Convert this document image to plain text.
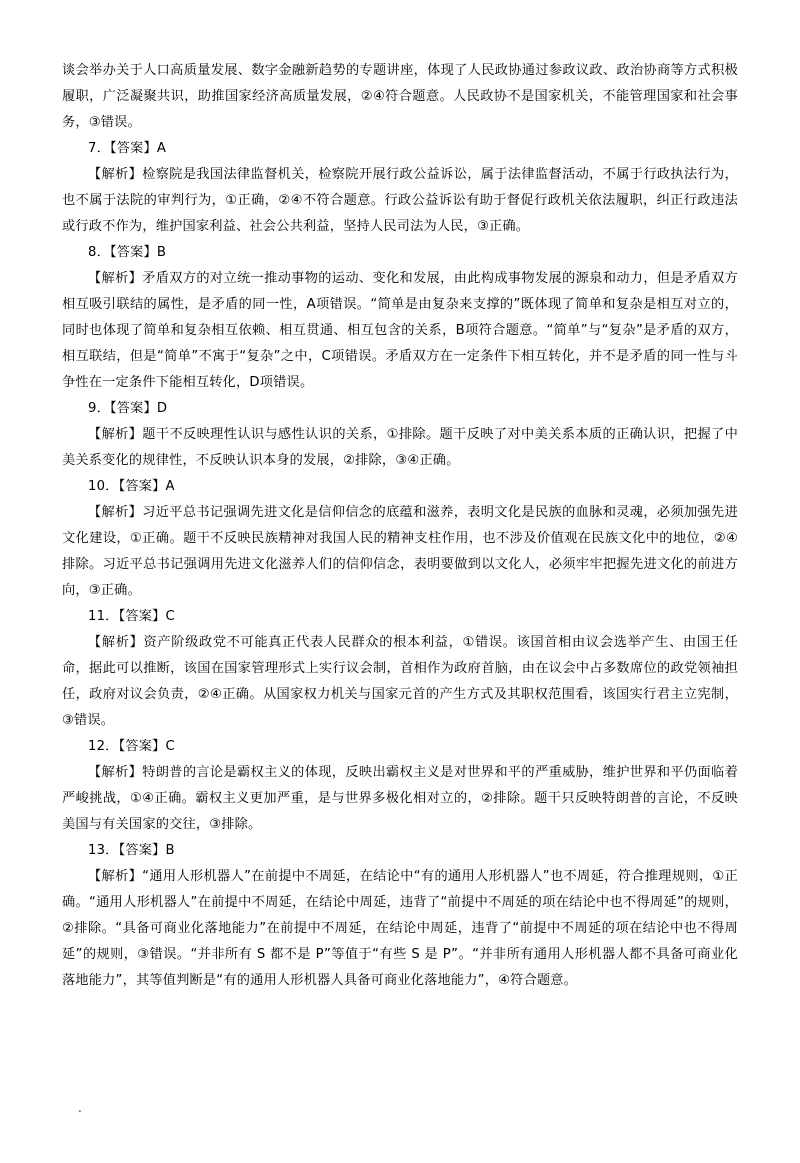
谈会举办关于人口高质量发展、数字金融新趋势的专题讲座，体现了人民政协通过参政议政、政治协商等方式积极履职，广泛凝聚共识，助推国家经济高质量发展，②④符合题意。人民政协不是国家机关，不能管理国家和社会事务，③错误。

7．【答案】A

【解析】检察院是我国法律监督机关，检察院开展行政公益诉讼，属于法律监督活动，不属于行政执法行为，也不属于法院的审判行为，①正确，②④不符合题意。行政公益诉讼有助于督促行政机关依法履职，纠正行政违法或行政不作为，维护国家利益、社会公共利益，坚持人民司法为人民，③正确。

8．【答案】B

【解析】矛盾双方的对立统一推动事物的运动、变化和发展，由此构成事物发展的源泉和动力，但是矛盾双方相互吸引联结的属性，是矛盾的同一性，A项错误。“简单是由复杂来支撑的”既体现了简单和复杂是相互对立的，同时也体现了简单和复杂相互依赖、相互贯通、相互包含的关系，B项符合题意。“简单”与“复杂”是矛盾的双方，相互联结，但是“简单”不寓于“复杂”之中，C项错误。矛盾双方在一定条件下相互转化，并不是矛盾的同一性与斗争性在一定条件下能相互转化，D项错误。

9．【答案】D

【解析】题干不反映理性认识与感性认识的关系，①排除。题干反映了对中美关系本质的正确认识，把握了中美关系变化的规律性，不反映认识本身的发展，②排除，③④正确。

10．【答案】A

【解析】习近平总书记强调先进文化是信仰信念的底蕴和滋养，表明文化是民族的血脉和灵魂，必须加强先进文化建设，①正确。题干不反映民族精神对我国人民的精神支柱作用，也不涉及价值观在民族文化中的地位，②④排除。习近平总书记强调用先进文化滋养人们的信仰信念，表明要做到以文化人，必须牢牢把握先进文化的前进方向，③正确。

11．【答案】C

【解析】资产阶级政党不可能真正代表人民群众的根本利益，①错误。该国首相由议会选举产生、由国王任命，据此可以推断，该国在国家管理形式上实行议会制，首相作为政府首脑，由在议会中占多数席位的政党领袖担任，政府对议会负责，②④正确。从国家权力机关与国家元首的产生方式及其职权范围看，该国实行君主立宪制，③错误。

12．【答案】C

【解析】特朗普的言论是霸权主义的体现，反映出霸权主义是对世界和平的严重威胁，维护世界和平仍面临着严峻挑战，①④正确。霸权主义更加严重，是与世界多极化相对立的，②排除。题干只反映特朗普的言论，不反映美国与有关国家的交往，③排除。

13．【答案】B

【解析】“通用人形机器人”在前提中不周延，在结论中“有的通用人形机器人”也不周延，符合推理规则，①正确。“通用人形机器人”在前提中不周延，在结论中周延，违背了“前提中不周延的项在结论中也不得周延”的规则，②排除。“具备可商业化落地能力”在前提中不周延，在结论中周延，违背了“前提中不周延的项在结论中也不得周延”的规则，③错误。“并非所有 S 都不是 P”等值于“有些 S 是 P”。“并非所有通用人形机器人都不具备可商业化落地能力”，其等值判断是“有的通用人形机器人具备可商业化落地能力”，④符合题意。

.
